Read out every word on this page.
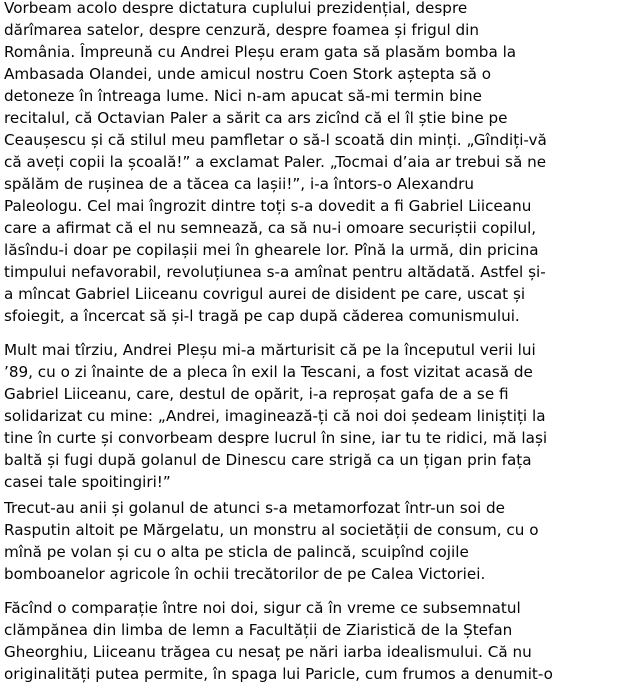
Vorbeam acolo despre dictatura cuplului prezidențial, despre
dărîmarea satelor, despre cenzură, despre foamea și frigul din
România. Împreună cu Andrei Pleșu eram gata să plasăm bomba la
Ambasada Olandei, unde amicul nostru Coen Stork aștepta să o
detoneze în întreaga lume. Nici n-am apucat să-mi termin bine
recitalul, că Octavian Paler a sărit ca ars zicînd că el îl știe bine pe
Ceaușescu și că stilul meu pamfletar o să-l scoată din minți. „Gîndiți-vă
că aveți copii la școală!” a exclamat Paler. „Tocmai d’aia ar trebui să ne
spălăm de rușinea de a tăcea ca lașii!”, i-a întors-o Alexandru
Paleologu. Cel mai îngrozit dintre toți s-a dovedit a fi Gabriel Liiceanu
care a afirmat că el nu semnează, ca să nu-i omoare securiștii copilul,
lăsîndu-i doar pe copilașii mei în ghearele lor. Pînă la urmă, din pricina
timpului nefavorabil, revoluțiunea s-a amînat pentru altădată. Astfel și-
a mîncat Gabriel Liiceanu covrigul aurei de disident pe care, uscat și
sfoiegit, a încercat să și-l tragă pe cap după căderea comunismului.

Mult mai tîrziu, Andrei Pleșu mi-a mărturisit că pe la începutul verii lui
’89, cu o zi înainte de a pleca în exil la Tescani, a fost vizitat acasă de
Gabriel Liiceanu, care, destul de opărit, i-a reproșat gafa de a se fi
solidarizat cu mine: „Andrei, imaginează-ți că noi doi ședeam liniștiți la
tine în curte și convorbeam despre lucrul în sine, iar tu te ridici, mă lași
baltă și fugi după golanul de Dinescu care strigă ca un țigan prin fața
casei tale spoitingiri!”

Trecut-au anii și golanul de atunci s-a metamorfozat într-un soi de
Rasputin altoit pe Mărgelatu, un monstru al societății de consum, cu o
mînă pe volan și cu o alta pe sticla de palincă, scuipînd cojile
bomboanelor agricole în ochii trecătorilor de pe Calea Victoriei.

Făcînd o comparație între noi doi, sigur că în vreme ce subsemnatul
clămpănea din limba de lemn a Facultății de Ziaristică de la Ștefan
Gheorghiu, Liiceanu trăgea cu nesaț pe nări iarba idealismului. Că nu
originalități putea permite, în spaga lui Paricle, cum frumos a denumit-o
